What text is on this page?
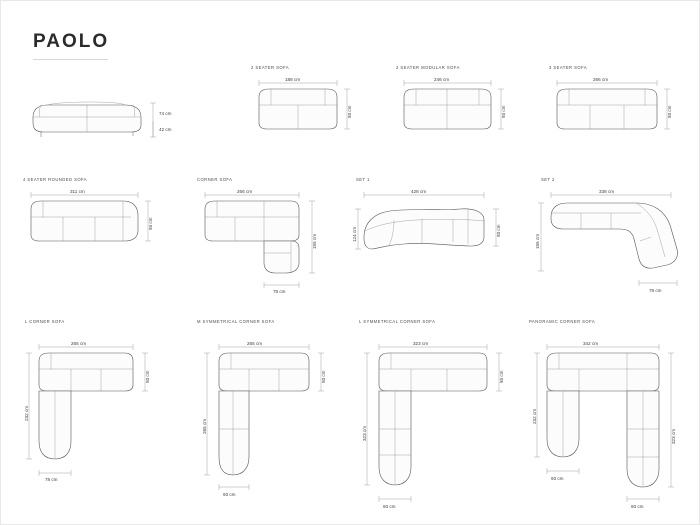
PAOLO
74 cm
42 cm
2 SEATER SOFA
188 cm
93 cm
2 SEATER MODULAR SOFA
246 cm
93 cm
3 SEATER SOFA
266 cm
93 cm
4 SEATER ROUNDED SOFA
311 cm
93 cm
CORNER SOFA
266 cm
155 cm
78 cm
SET 1
428 cm
93 cm
124 cm
SET 2
338 cm
155 cm
78 cm
L CORNER SOFA
265 cm
232 cm
93 cm
78 cm
M SYMMETRICAL CORNER SOFA
265 cm
265 cm
93 cm
93 cm
L SYMMETRICAL CORNER SOFA
323 cm
323 cm
93 cm
93 cm
PANORAMIC CORNER SOFA
342 cm
232 cm
323 cm
93 cm
93 cm
